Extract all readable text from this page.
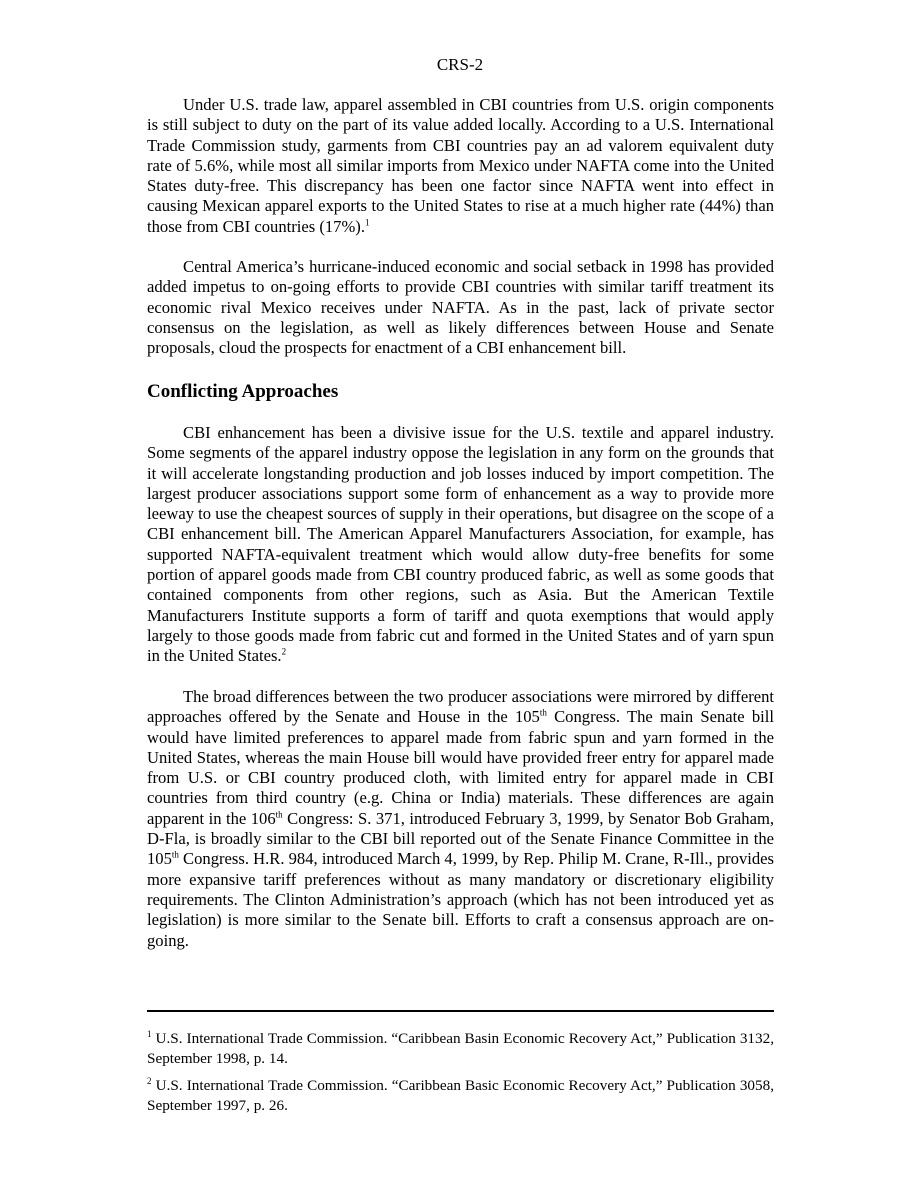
CRS-2

Under U.S. trade law, apparel assembled in CBI countries from U.S. origin components is still subject to duty on the part of its value added locally. According to a U.S. International Trade Commission study, garments from CBI countries pay an ad valorem equivalent duty rate of 5.6%, while most all similar imports from Mexico under NAFTA come into the United States duty-free. This discrepancy has been one factor since NAFTA went into effect in causing Mexican apparel exports to the United States to rise at a much higher rate (44%) than those from CBI countries (17%).$^1$

Central America’s hurricane-induced economic and social setback in 1998 has provided added impetus to on-going efforts to provide CBI countries with similar tariff treatment its economic rival Mexico receives under NAFTA. As in the past, lack of private sector consensus on the legislation, as well as likely differences between House and Senate proposals, cloud the prospects for enactment of a CBI enhancement bill.

Conflicting Approaches

CBI enhancement has been a divisive issue for the U.S. textile and apparel industry. Some segments of the apparel industry oppose the legislation in any form on the grounds that it will accelerate longstanding production and job losses induced by import competition. The largest producer associations support some form of enhancement as a way to provide more leeway to use the cheapest sources of supply in their operations, but disagree on the scope of a CBI enhancement bill. The American Apparel Manufacturers Association, for example, has supported NAFTA-equivalent treatment which would allow duty-free benefits for some portion of apparel goods made from CBI country produced fabric, as well as some goods that contained components from other regions, such as Asia. But the American Textile Manufacturers Institute supports a form of tariff and quota exemptions that would apply largely to those goods made from fabric cut and formed in the United States and of yarn spun in the United States.$^2$

The broad differences between the two producer associations were mirrored by different approaches offered by the Senate and House in the 105th Congress. The main Senate bill would have limited preferences to apparel made from fabric spun and yarn formed in the United States, whereas the main House bill would have provided freer entry for apparel made from U.S. or CBI country produced cloth, with limited entry for apparel made in CBI countries from third country (e.g. China or India) materials. These differences are again apparent in the 106th Congress: S. 371, introduced February 3, 1999, by Senator Bob Graham, D-Fla, is broadly similar to the CBI bill reported out of the Senate Finance Committee in the 105th Congress. H.R. 984, introduced March 4, 1999, by Rep. Philip M. Crane, R-Ill., provides more expansive tariff preferences without as many mandatory or discretionary eligibility requirements. The Clinton Administration’s approach (which has not been introduced yet as legislation) is more similar to the Senate bill. Efforts to craft a consensus approach are on-going.

$^1$ U.S. International Trade Commission. “Caribbean Basin Economic Recovery Act,” Publication 3132, September 1998, p. 14.

$^2$ U.S. International Trade Commission. “Caribbean Basic Economic Recovery Act,” Publication 3058, September 1997, p. 26.
